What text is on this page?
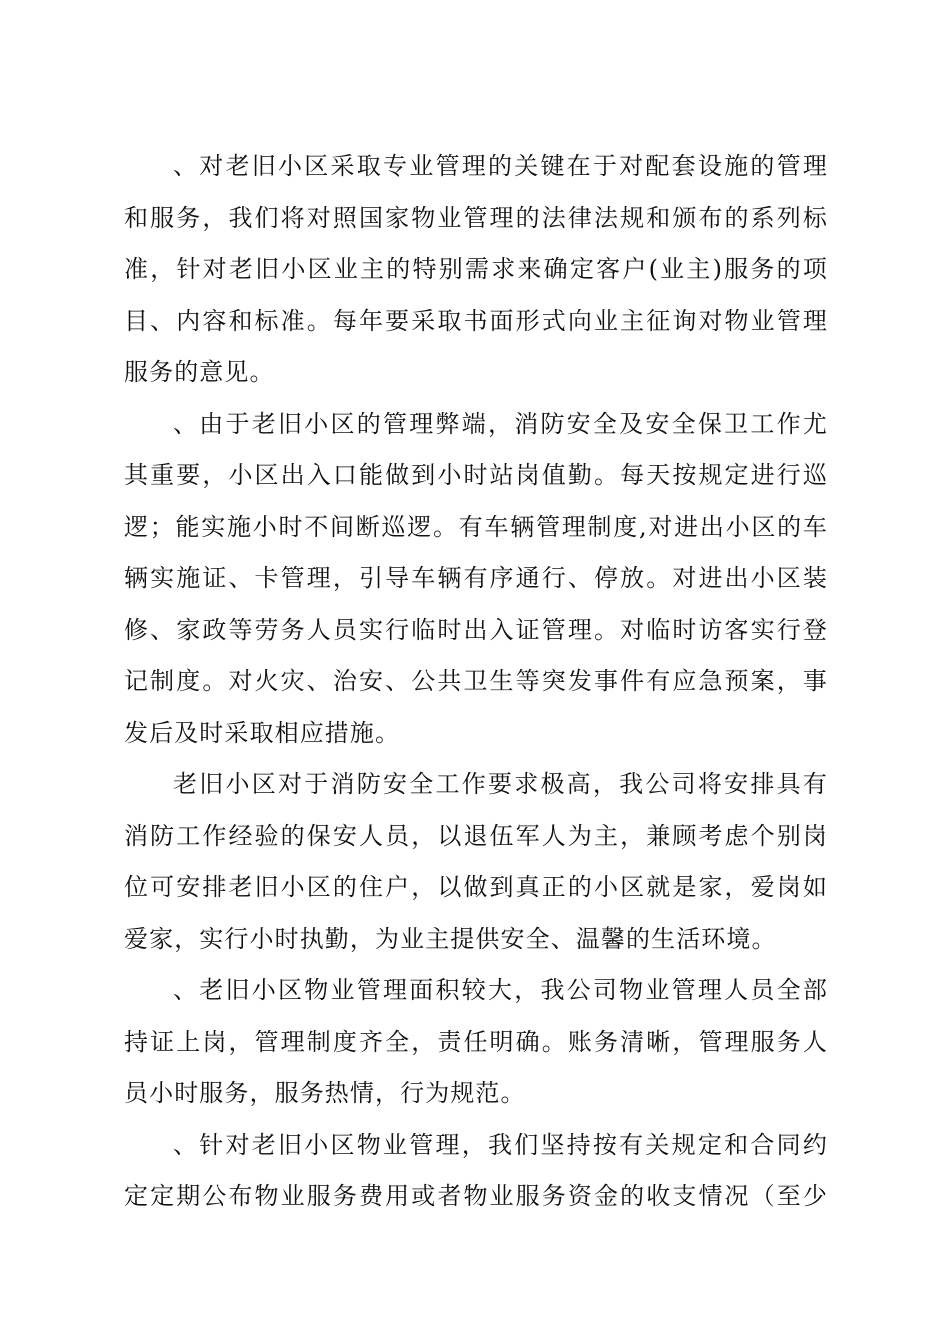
、对老旧小区采取专业管理的关键在于对配套设施的管理
和服务，我们将对照国家物业管理的法律法规和颁布的系列标
准，针对老旧小区业主的特别需求来确定客户(业主)服务的项
目、内容和标准。每年要采取书面形式向业主征询对物业管理
服务的意见。
、由于老旧小区的管理弊端，消防安全及安全保卫工作尤
其重要，小区出入口能做到小时站岗值勤。每天按规定进行巡
逻；能实施小时不间断巡逻。有车辆管理制度,对进出小区的车
辆实施证、卡管理，引导车辆有序通行、停放。对进出小区装
修、家政等劳务人员实行临时出入证管理。对临时访客实行登
记制度。对火灾、治安、公共卫生等突发事件有应急预案，事
发后及时采取相应措施。
老旧小区对于消防安全工作要求极高，我公司将安排具有
消防工作经验的保安人员，以退伍军人为主，兼顾考虑个别岗
位可安排老旧小区的住户，以做到真正的小区就是家，爱岗如
爱家，实行小时执勤，为业主提供安全、温馨的生活环境。
、老旧小区物业管理面积较大，我公司物业管理人员全部
持证上岗，管理制度齐全，责任明确。账务清晰，管理服务人
员小时服务，服务热情，行为规范。
、针对老旧小区物业管理，我们坚持按有关规定和合同约
定定期公布物业服务费用或者物业服务资金的收支情况（至少
